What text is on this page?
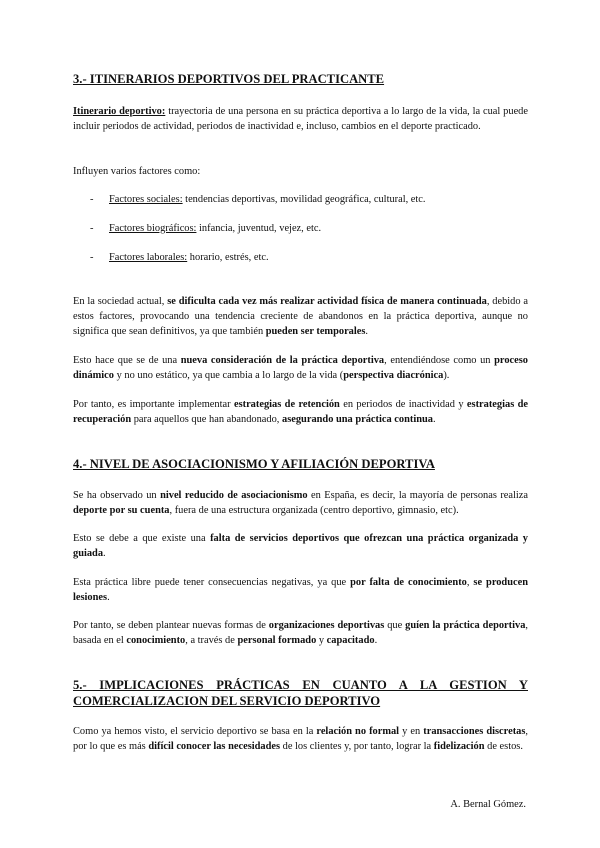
3.- ITINERARIOS DEPORTIVOS DEL PRACTICANTE

Itinerario deportivo: trayectoria de una persona en su práctica deportiva a lo largo de la vida, la cual puede incluir periodos de actividad, periodos de inactividad e, incluso, cambios en el deporte practicado.

Influyen varios factores como:

- Factores sociales: tendencias deportivas, movilidad geográfica, cultural, etc.
- Factores biográficos: infancia, juventud, vejez, etc.
- Factores laborales: horario, estrés, etc.

En la sociedad actual, se dificulta cada vez más realizar actividad física de manera continuada, debido a estos factores, provocando una tendencia creciente de abandonos en la práctica deportiva, aunque no significa que sean definitivos, ya que también pueden ser temporales.

Esto hace que se de una nueva consideración de la práctica deportiva, entendiéndose como un proceso dinámico y no uno estático, ya que cambia a lo largo de la vida (perspectiva diacrónica).

Por tanto, es importante implementar estrategias de retención en periodos de inactividad y estrategias de recuperación para aquellos que han abandonado, asegurando una práctica continua.

4.- NIVEL DE ASOCIACIONISMO Y AFILIACIÓN DEPORTIVA

Se ha observado un nivel reducido de asociacionismo en España, es decir, la mayoría de personas realiza deporte por su cuenta, fuera de una estructura organizada (centro deportivo, gimnasio, etc).

Esto se debe a que existe una falta de servicios deportivos que ofrezcan una práctica organizada y guiada.

Esta práctica libre puede tener consecuencias negativas, ya que por falta de conocimiento, se producen lesiones.

Por tanto, se deben plantear nuevas formas de organizaciones deportivas que guíen la práctica deportiva, basada en el conocimiento, a través de personal formado y capacitado.

5.- IMPLICACIONES PRÁCTICAS EN CUANTO A LA GESTION Y COMERCIALIZACION DEL SERVICIO DEPORTIVO

Como ya hemos visto, el servicio deportivo se basa en la relación no formal y en transacciones discretas, por lo que es más difícil conocer las necesidades de los clientes y, por tanto, lograr la fidelización de estos.

A. Bernal Gómez.
